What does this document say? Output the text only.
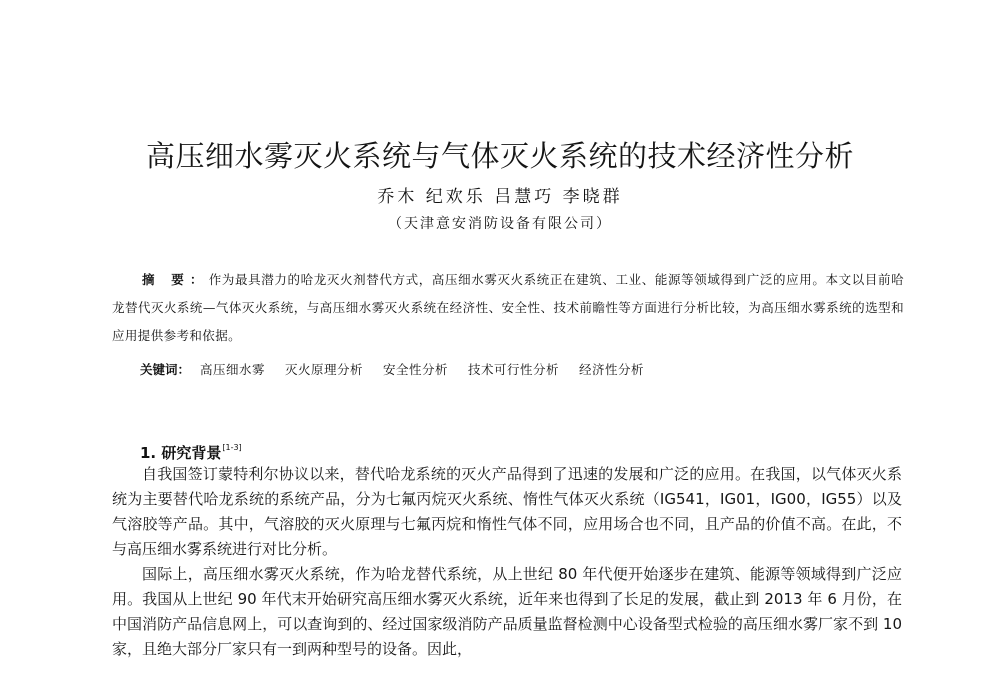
高压细水雾灭火系统与气体灭火系统的技术经济性分析
乔木 纪欢乐 吕慧巧 李晓群
（天津意安消防设备有限公司）
摘 要：作为最具潜力的哈龙灭火剂替代方式，高压细水雾灭火系统正在建筑、工业、能源等领域得到广泛的应用。本文以目前哈龙替代灭火系统—气体灭火系统，与高压细水雾灭火系统在经济性、安全性、技术前瞻性等方面进行分析比较，为高压细水雾系统的选型和应用提供参考和依据。
关键词： 高压细水雾 灭火原理分析 安全性分析 技术可行性分析 经济性分析
1. 研究背景[1-3]

自我国签订蒙特利尔协议以来，替代哈龙系统的灭火产品得到了迅速的发展和广泛的应用。在我国，以气体灭火系统为主要替代哈龙系统的系统产品，分为七氟丙烷灭火系统、惰性气体灭火系统（IG541，IG01，IG00，IG55）以及气溶胶等产品。其中，气溶胶的灭火原理与七氟丙烷和惰性气体不同，应用场合也不同，且产品的价值不高。在此，不与高压细水雾系统进行对比分析。

国际上，高压细水雾灭火系统，作为哈龙替代系统，从上世纪 80 年代便开始逐步在建筑、能源等领域得到广泛应用。我国从上世纪 90 年代末开始研究高压细水雾灭火系统，近年来也得到了长足的发展，截止到 2013 年 6 月份，在中国消防产品信息网上，可以查询到的、经过国家级消防产品质量监督检测中心设备型式检验的高压细水雾厂家不到 10 家，且绝大部分厂家只有一到两种型号的设备。因此，
